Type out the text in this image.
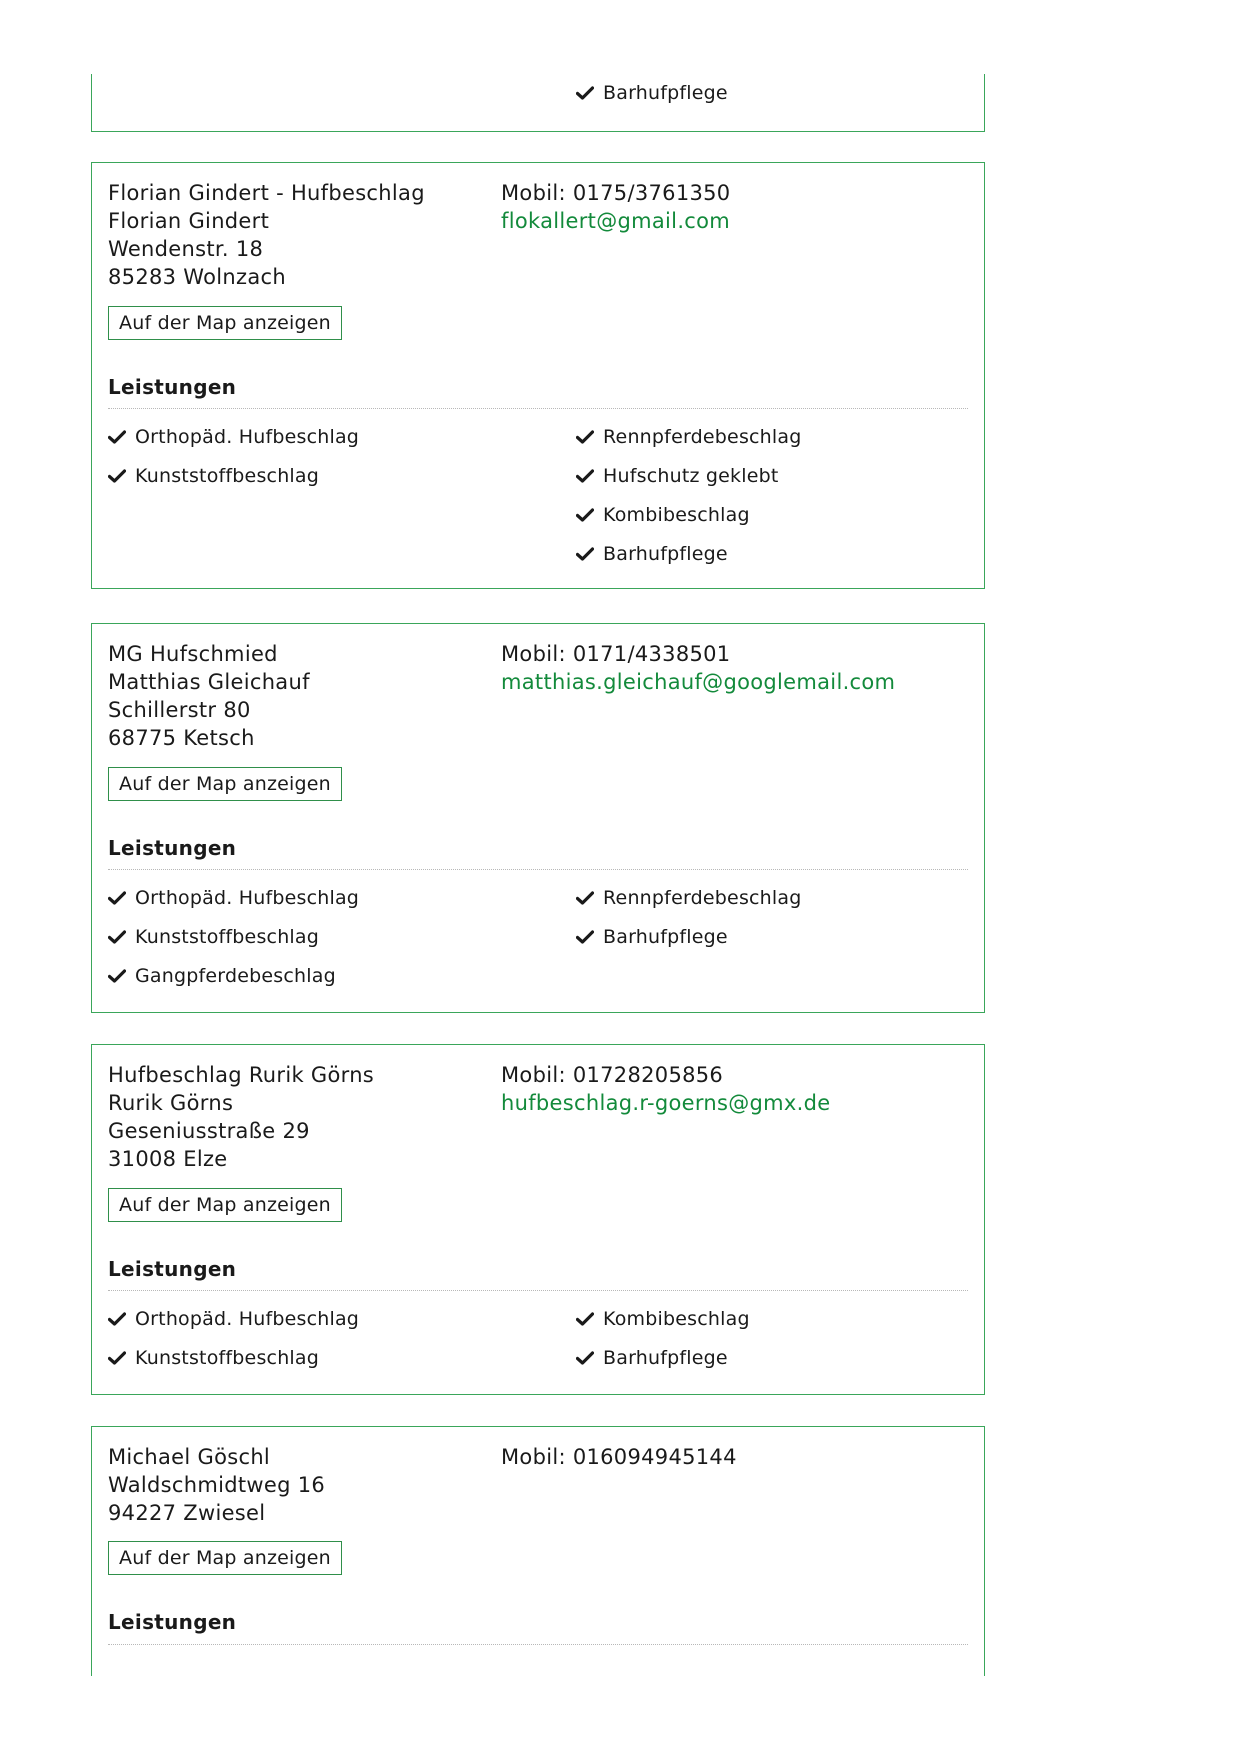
Barhufpflege
Florian Gindert - Hufbeschlag
Florian Gindert
Wendenstr. 18
85283 Wolnzach
Mobil: 0175/3761350
flokallert@gmail.com
Auf der Map anzeigen
Leistungen
Orthopäd. Hufbeschlag
Kunststoffbeschlag
Rennpferdebeschlag
Hufschutz geklebt
Kombibeschlag
Barhufpflege
MG Hufschmied
Matthias Gleichauf
Schillerstr 80
68775 Ketsch
Mobil: 0171/4338501
matthias.gleichauf@googlemail.com
Auf der Map anzeigen
Leistungen
Orthopäd. Hufbeschlag
Kunststoffbeschlag
Gangpferdebeschlag
Rennpferdebeschlag
Barhufpflege
Hufbeschlag Rurik Görns
Rurik Görns
Geseniusstraße 29
31008 Elze
Mobil: 01728205856
hufbeschlag.r-goerns@gmx.de
Auf der Map anzeigen
Leistungen
Orthopäd. Hufbeschlag
Kunststoffbeschlag
Kombibeschlag
Barhufpflege
Michael Göschl
Waldschmidtweg 16
94227 Zwiesel
Mobil: 016094945144
Auf der Map anzeigen
Leistungen
